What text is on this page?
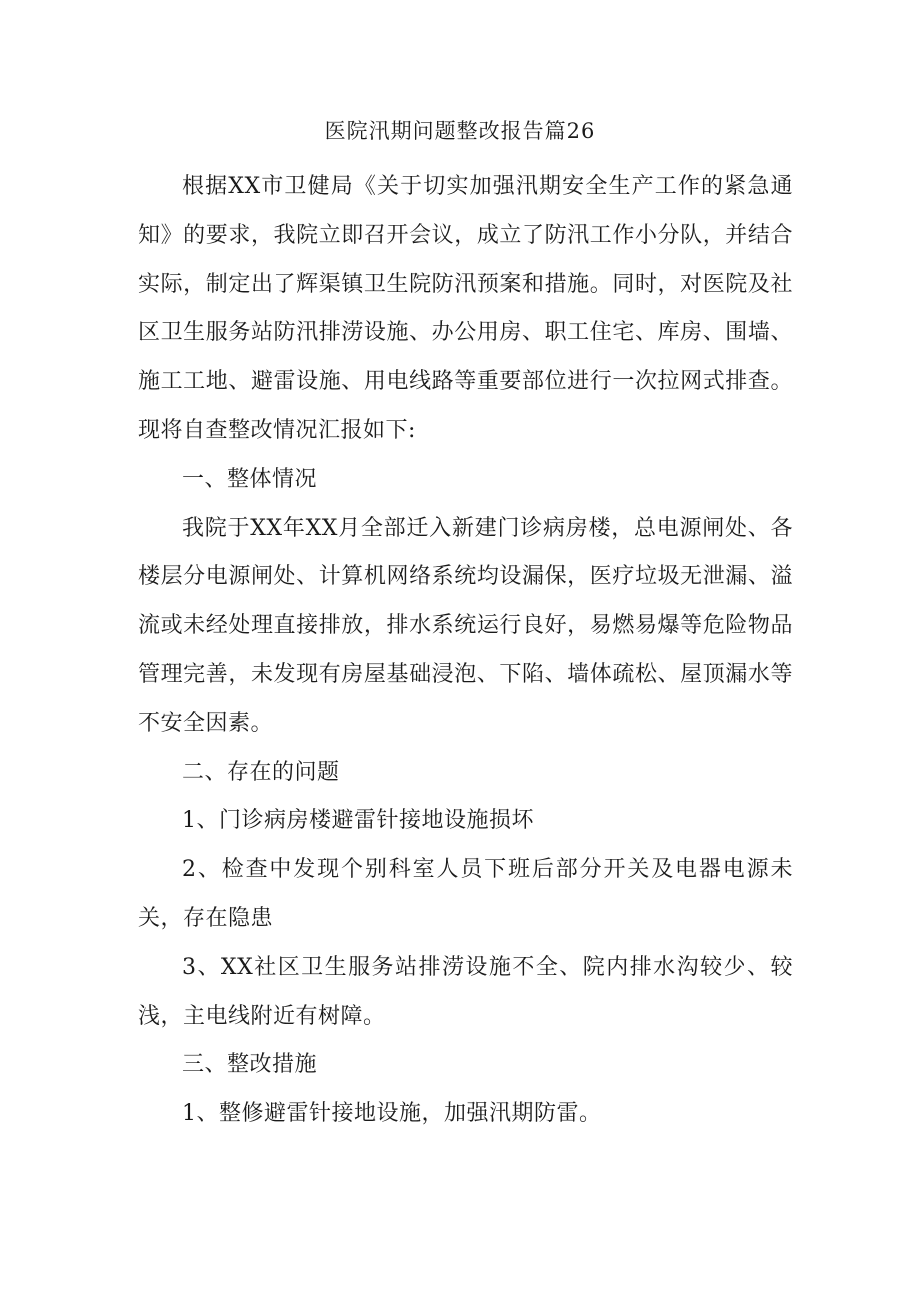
医院汛期问题整改报告篇26

根据XX市卫健局《关于切实加强汛期安全生产工作的紧急通知》的要求，我院立即召开会议，成立了防汛工作小分队，并结合实际，制定出了辉渠镇卫生院防汛预案和措施。同时，对医院及社区卫生服务站防汛排涝设施、办公用房、职工住宅、库房、围墙、施工工地、避雷设施、用电线路等重要部位进行一次拉网式排查。现将自查整改情况汇报如下:

一、整体情况

我院于XX年XX月全部迁入新建门诊病房楼，总电源闸处、各楼层分电源闸处、计算机网络系统均设漏保，医疗垃圾无泄漏、溢流或未经处理直接排放，排水系统运行良好，易燃易爆等危险物品管理完善，未发现有房屋基础浸泡、下陷、墙体疏松、屋顶漏水等不安全因素。

二、存在的问题

1、门诊病房楼避雷针接地设施损坏

2、检查中发现个别科室人员下班后部分开关及电器电源未关，存在隐患

3、XX社区卫生服务站排涝设施不全、院内排水沟较少、较浅，主电线附近有树障。

三、整改措施

1、整修避雷针接地设施，加强汛期防雷。
